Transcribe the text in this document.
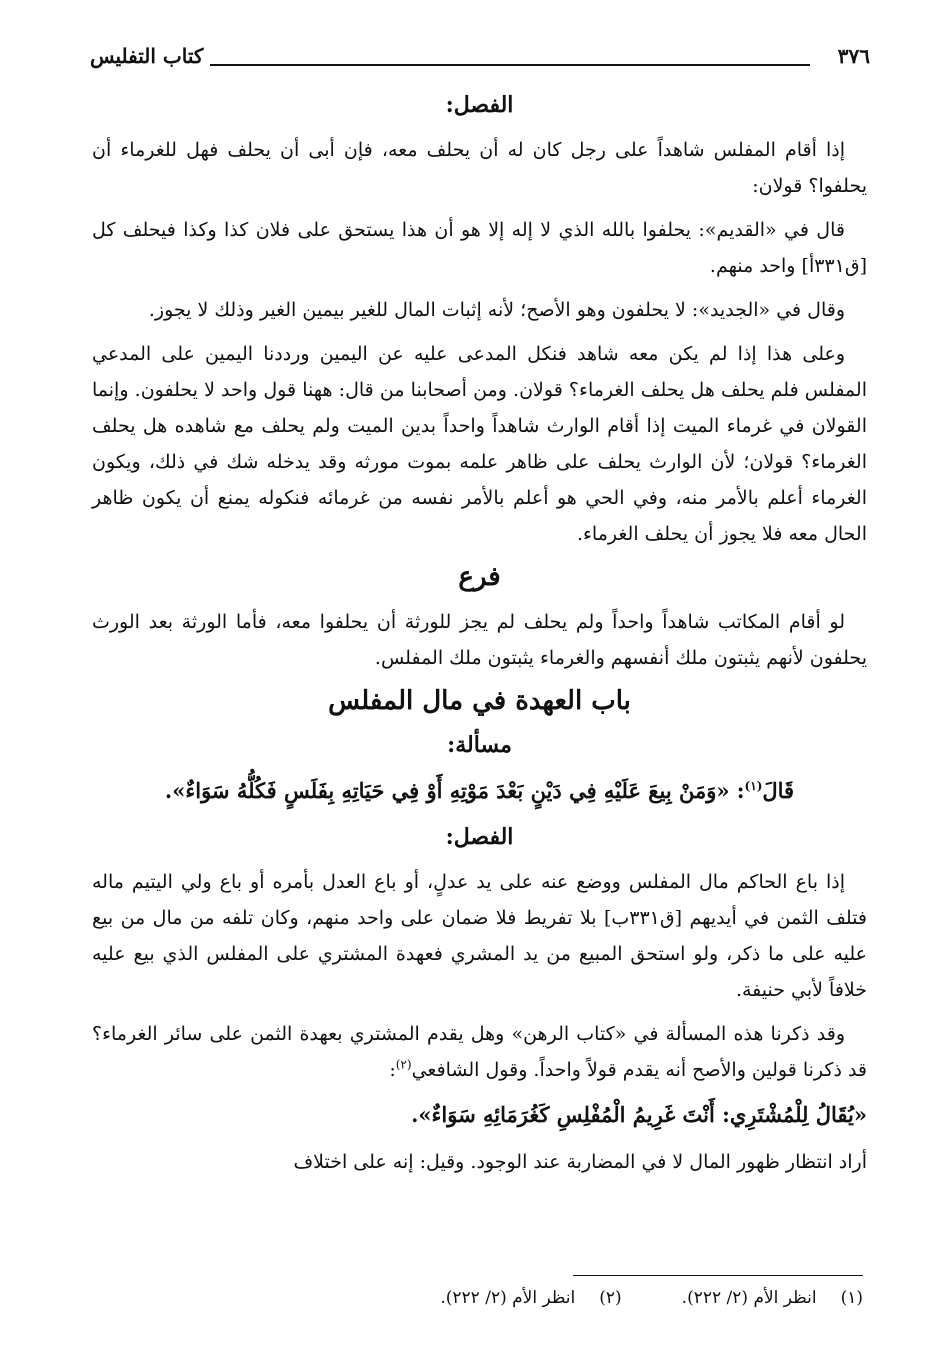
٣٧٦
كتاب التفليس
الفصل:

إذا أقام المفلس شاهداً على رجل كان له أن يحلف معه، فإن أبى أن يحلف فهل للغرماء أن يحلفوا؟ قولان:

قال في «القديم»: يحلفوا بالله الذي لا إله إلا هو أن هذا يستحق على فلان كذا وكذا فيحلف كل [ق٣٣١أ] واحد منهم.

وقال في «الجديد»: لا يحلفون وهو الأصح؛ لأنه إثبات المال للغير بيمين الغير وذلك لا يجوز.

وعلى هذا إذا لم يكن معه شاهد فنكل المدعى عليه عن اليمين ورددنا اليمين على المدعي المفلس فلم يحلف هل يحلف الغرماء؟ قولان. ومن أصحابنا من قال: ههنا قول واحد لا يحلفون. وإنما القولان في غرماء الميت إذا أقام الوارث شاهداً واحداً بدين الميت ولم يحلف مع شاهده هل يحلف الغرماء؟ قولان؛ لأن الوارث يحلف على ظاهر علمه بموت مورثه وقد يدخله شك في ذلك، ويكون الغرماء أعلم بالأمر منه، وفي الحي هو أعلم بالأمر نفسه من غرمائه فنكوله يمنع أن يكون ظاهر الحال معه فلا يجوز أن يحلف الغرماء.

فرع

لو أقام المكاتب شاهداً واحداً ولم يحلف لم يجز للورثة أن يحلفوا معه، فأما الورثة بعد الورث يحلفون لأنهم يثبتون ملك أنفسهم والغرماء يثبتون ملك المفلس.

باب العهدة في مال المفلس
مسألة:
قَالَ$^{(١)}$: «وَمَنْ بِيعَ عَلَيْهِ فِي دَيْنٍ بَعْدَ مَوْتِهِ أَوْ فِي حَيَاتِهِ بِفَلَسٍ فَكُلُّهُ سَوَاءٌ».
الفصل:

إذا باع الحاكم مال المفلس ووضع عنه على يد عدلٍ، أو باع العدل بأمره أو باع ولي اليتيم ماله فتلف الثمن في أيديهم [ق٣٣١ب] بلا تفريط فلا ضمان على واحد منهم، وكان تلفه من مال من بيع عليه على ما ذكر، ولو استحق المبيع من يد المشري فعهدة المشتري على المفلس الذي بيع عليه خلافاً لأبي حنيفة.

وقد ذكرنا هذه المسألة في «كتاب الرهن» وهل يقدم المشتري بعهدة الثمن على سائر الغرماء؟ قد ذكرنا قولين والأصح أنه يقدم قولاً واحداً. وقول الشافعي$^{(٢)}$:

«يُقَالُ لِلْمُشْتَرِي: أَنْتَ غَرِيمُ الْمُفْلِسِ كَغُرَمَائِهِ سَوَاءٌ».

أراد انتظار ظهور المال لا في المضاربة عند الوجود. وقيل: إنه على اختلاف

(١)انظر الأم (٢/ ٢٢٢).
(٢)انظر الأم (٢/ ٢٢٢).
